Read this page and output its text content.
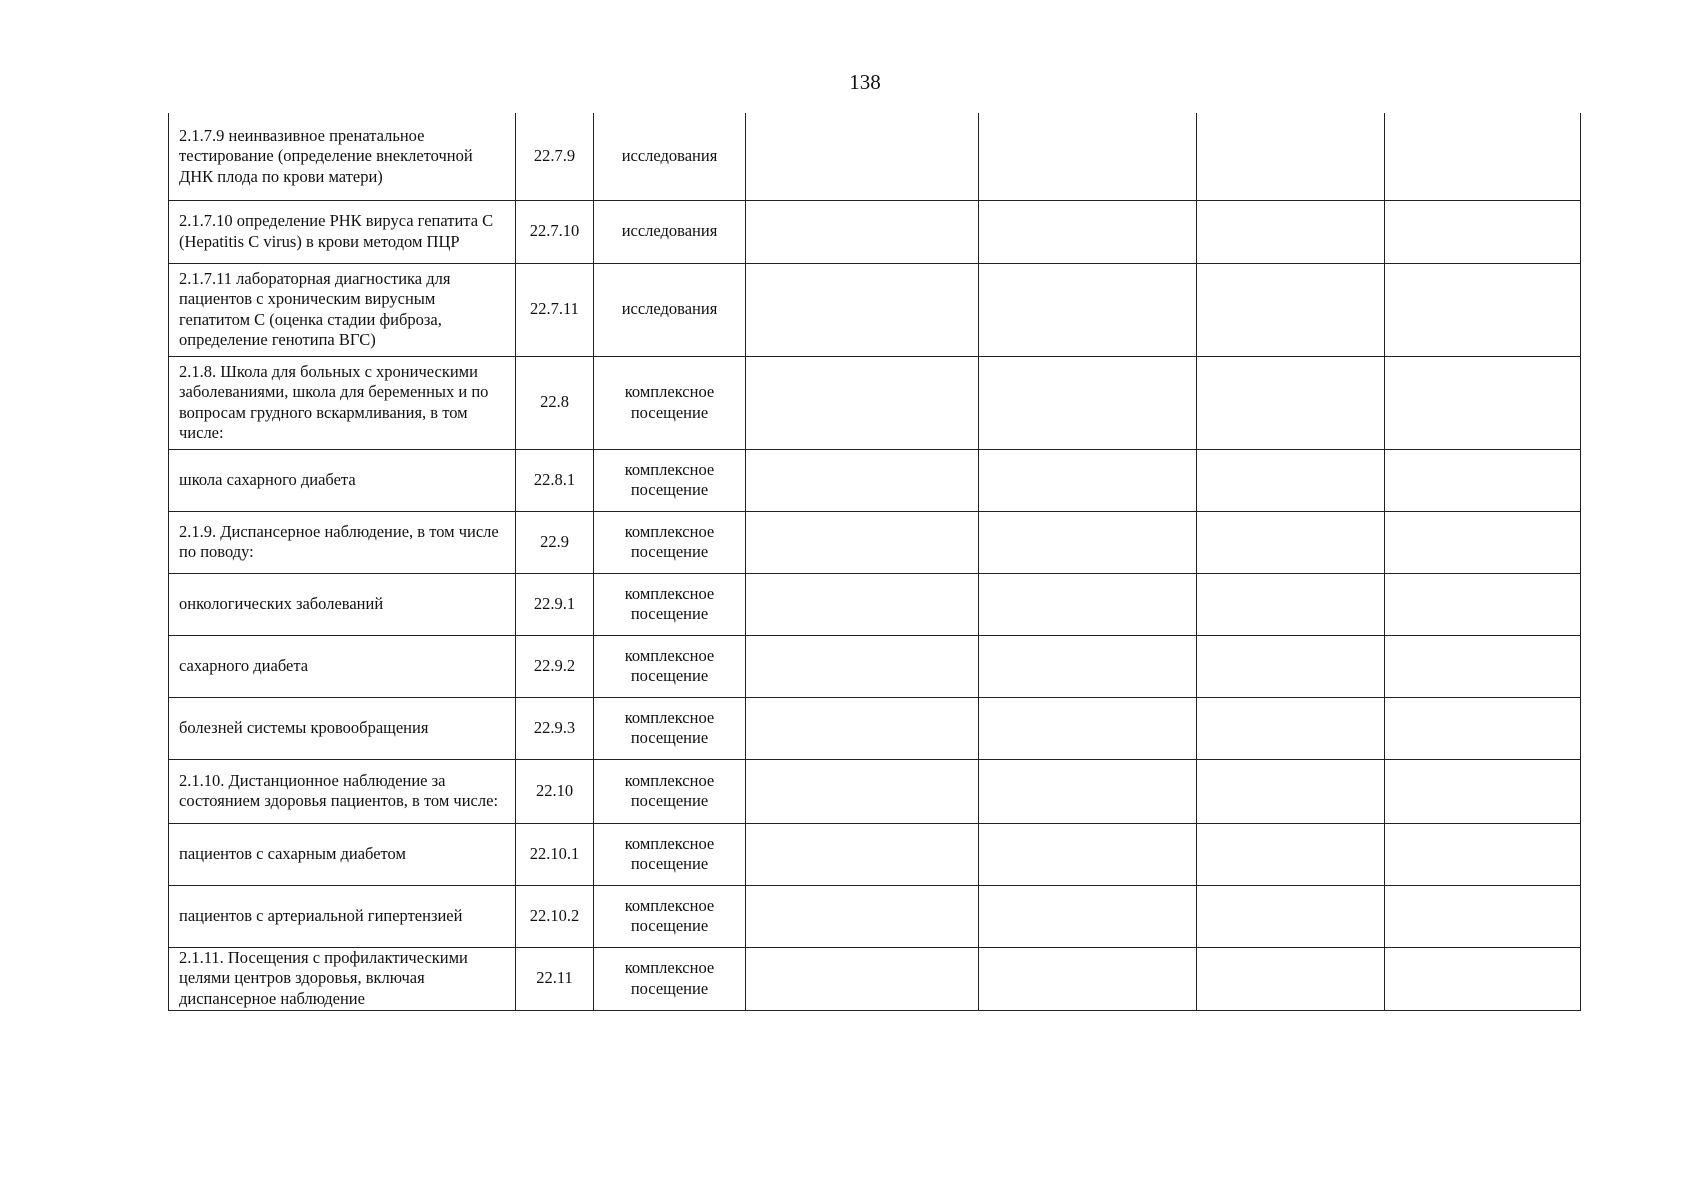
138
2.1.7.9 неинвазивное пренатальное тестирование (определение внеклеточной ДНК плода по крови матери)	22.7.9	исследования				
2.1.7.10 определение РНК вируса гепатита С (Hepatitis C virus) в крови методом ПЦР	22.7.10	исследования				
2.1.7.11 лабораторная диагностика для пациентов с хроническим вирусным гепатитом С (оценка стадии фиброза, определение генотипа ВГС)	22.7.11	исследования				
2.1.8. Школа для больных с хроническими заболеваниями, школа для беременных и по вопросам грудного вскармливания, в том числе:	22.8	комплексное посещение				
школа сахарного диабета	22.8.1	комплексное посещение				
2.1.9. Диспансерное наблюдение, в том числе по поводу:	22.9	комплексное посещение				
онкологических заболеваний	22.9.1	комплексное посещение				
сахарного диабета	22.9.2	комплексное посещение				
болезней системы кровообращения	22.9.3	комплексное посещение				
2.1.10. Дистанционное наблюдение за состоянием здоровья пациентов, в том числе:	22.10	комплексное посещение				
пациентов с сахарным диабетом	22.10.1	комплексное посещение				
пациентов с артериальной гипертензией	22.10.2	комплексное посещение				
2.1.11. Посещения с профилактическими целями центров здоровья, включая диспансерное наблюдение	22.11	комплексное посещение				
